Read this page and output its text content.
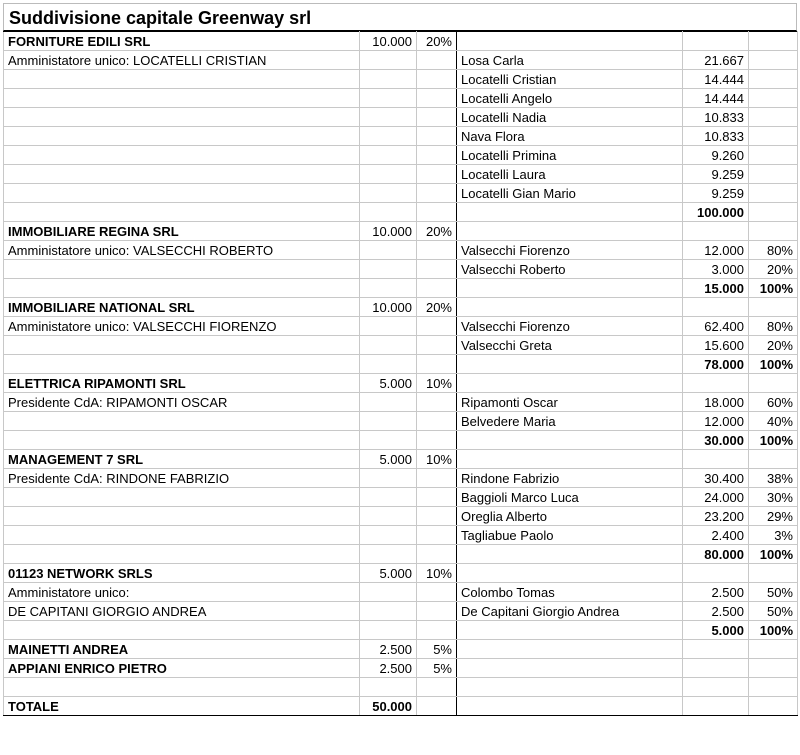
Suddivisione capitale Greenway srl
FORNITURE EDILI SRL	10.000	20%			
Amministatore unico: LOCATELLI CRISTIAN			Losa Carla	21.667	
			Locatelli Cristian	14.444	
			Locatelli Angelo	14.444	
			Locatelli Nadia	10.833	
			Nava Flora	10.833	
			Locatelli Primina	9.260	
			Locatelli Laura	9.259	
			Locatelli Gian Mario	9.259	
				100.000	
IMMOBILIARE REGINA SRL	10.000	20%			
Amministatore unico: VALSECCHI ROBERTO			Valsecchi Fiorenzo	12.000	80%
			Valsecchi Roberto	3.000	20%
				15.000	100%
IMMOBILIARE NATIONAL SRL	10.000	20%			
Amministatore unico: VALSECCHI FIORENZO			Valsecchi Fiorenzo	62.400	80%
			Valsecchi Greta	15.600	20%
				78.000	100%
ELETTRICA RIPAMONTI SRL	5.000	10%			
Presidente CdA: RIPAMONTI OSCAR			Ripamonti Oscar	18.000	60%
			Belvedere Maria	12.000	40%
				30.000	100%
MANAGEMENT 7 SRL	5.000	10%			
Presidente CdA: RINDONE FABRIZIO			Rindone Fabrizio	30.400	38%
			Baggioli Marco Luca	24.000	30%
			Oreglia Alberto	23.200	29%
			Tagliabue Paolo	2.400	3%
				80.000	100%
01123 NETWORK SRLS	5.000	10%			
Amministatore unico:			Colombo Tomas	2.500	50%
DE CAPITANI GIORGIO ANDREA			De Capitani Giorgio Andrea	2.500	50%
				5.000	100%
MAINETTI ANDREA	2.500	5%			
APPIANI ENRICO PIETRO	2.500	5%			

TOTALE	50.000				
